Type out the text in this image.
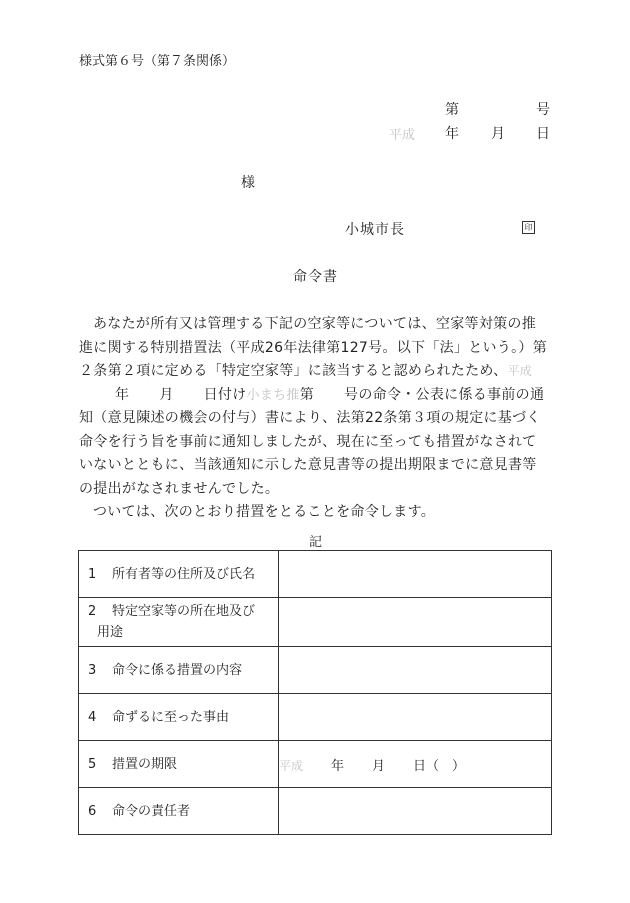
様式第６号（第７条関係）
第	号
平成 年 月 日
様
小城市長	印
命令書

あなたが所有又は管理する下記の空家等については、空家等対策の推

進に関する特別措置法（平成26年法律第127号。以下「法」という。）第

２条第２項に定める「特定空家等」に該当すると認められたため、平成

年 月 日付け小まち推第 号の命令・公表に係る事前の通

知（意見陳述の機会の付与）書により、法第22条第３項の規定に基づく

命令を行う旨を事前に通知しましたが、現在に至っても措置がなされて

いないとともに、当該通知に示した意見書等の提出期限までに意見書等

の提出がなされませんでした。

ついては、次のとおり措置をとることを命令します。

記
1 所有者等の住所及び氏名	
2 特定空家等の所在地及び
用途	
3 命令に係る措置の内容	
4 命ずるに至った事由	
5 措置の期限	平成 年 月 日（　）
6 命令の責任者	
